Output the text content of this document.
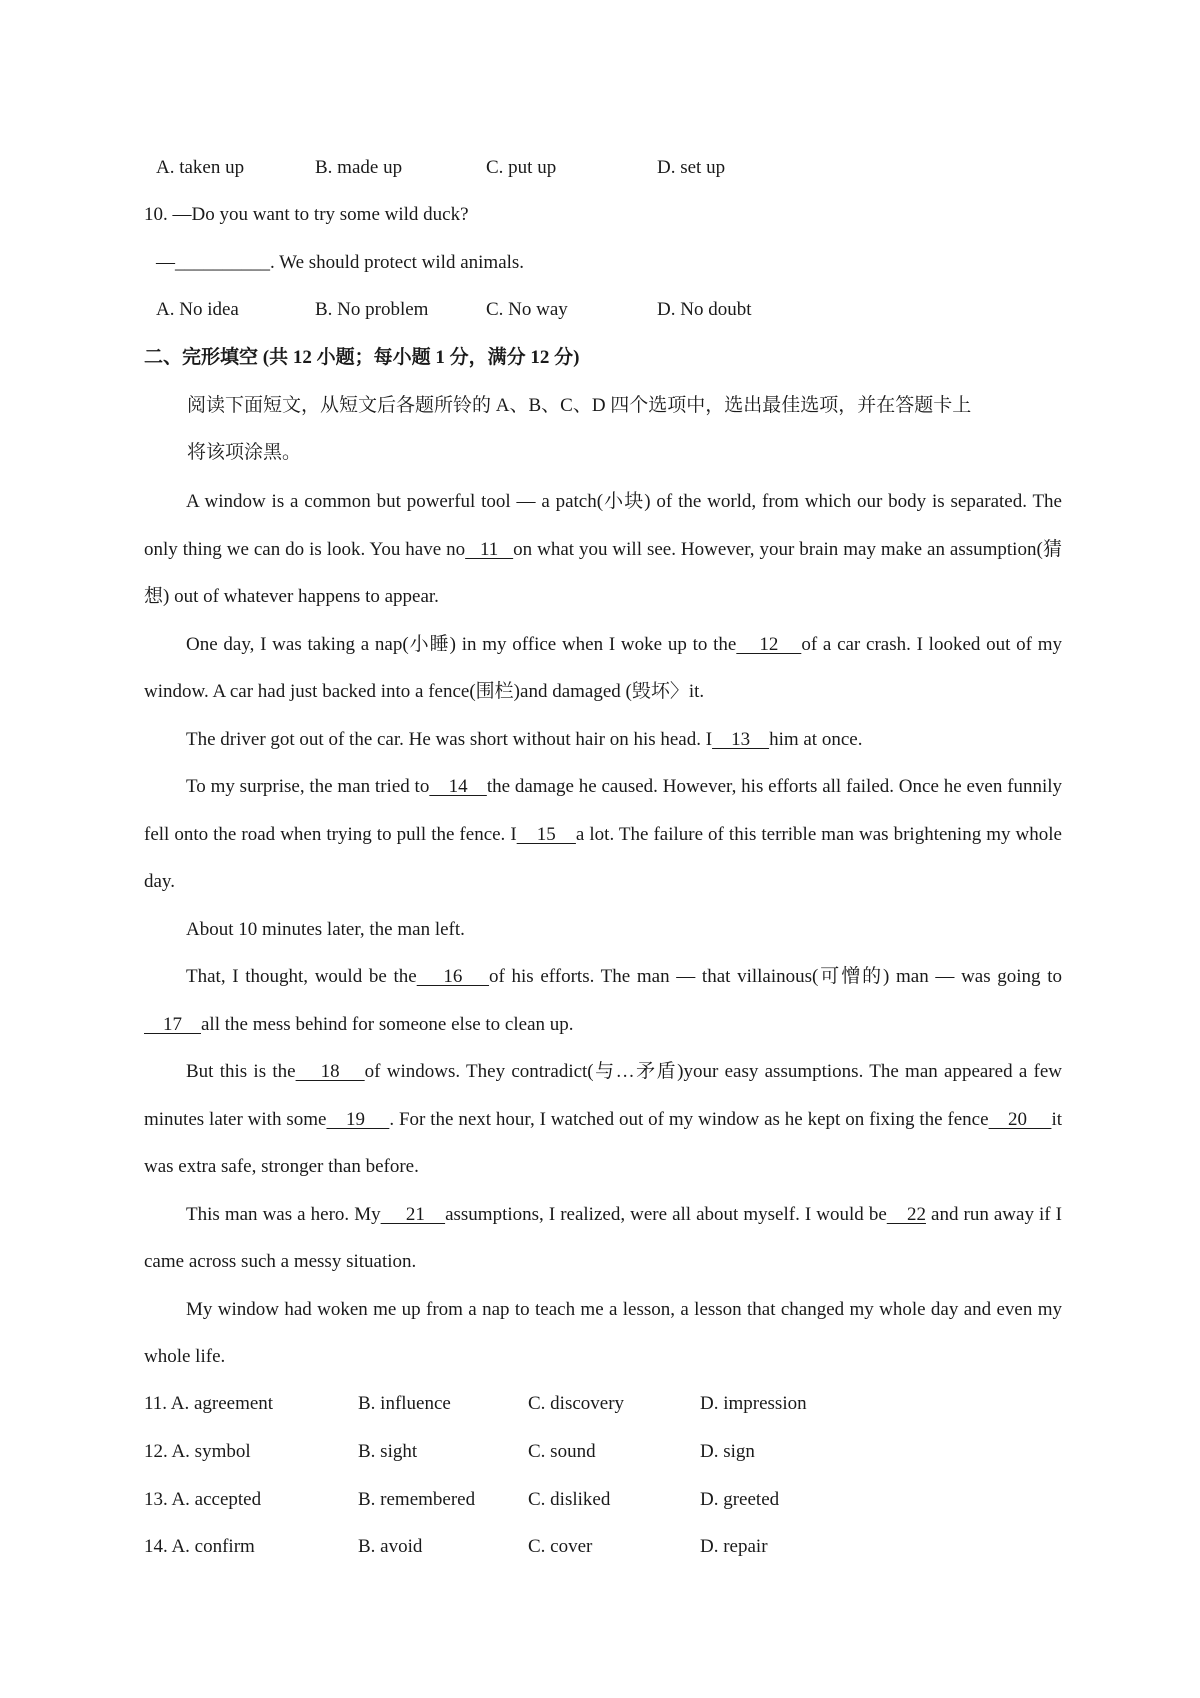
A. taken up	B. made up	C. put up	D. set up
10. —Do you want to try some wild duck?
—__________. We should protect wild animals.
A. No idea	B. No problem	C. No way	D. No doubt
二、完形填空 (共 12 小题；每小题 1 分，满分 12 分)
阅读下面短文，从短文后各题所铃的 A、B、C、D 四个选项中，选出最佳选项，并在答题卡上
将该项涂黑。

A window is a common but powerful tool — a patch(小块) of the world, from which our body is separated. The only thing we can do is look. You have no   11   on what you will see. However, your brain may make an assumption(猜想) out of whatever happens to appear.

One day, I was taking a nap(小睡) in my office when I woke up to the    12    of a car crash. I looked out of my window. A car had just backed into a fence(围栏)and damaged (毁坏〉it.

The driver got out of the car. He was short without hair on his head. I    13    him at once.

To my surprise, the man tried to    14    the damage he caused. However, his efforts all failed. Once he even funnily fell onto the road when trying to pull the fence. I    15    a lot. The failure of this terrible man was brightening my whole day.

About 10 minutes later, the man left.

That, I thought, would be the    16    of his efforts. The man — that villainous(可憎的) man — was going to    17    all the mess behind for someone else to clean up.

But this is the    18    of windows. They contradict(与…矛盾)your easy assumptions. The man appeared a few minutes later with some    19     . For the next hour, I watched out of my window as he kept on fixing the fence    20     it was extra safe, stronger than before.

This man was a hero. My     21    assumptions, I realized, were all about myself. I would be    22 and run away if I came across such a messy situation.

My window had woken me up from a nap to teach me a lesson, a lesson that changed my whole day and even my whole life.

11. A. agreement	B. influence	C. discovery	D. impression
12. A. symbol	B. sight	C. sound	D. sign
13. A. accepted	B. remembered	C. disliked	D. greeted
14. A. confirm	B. avoid	C. cover	D. repair
